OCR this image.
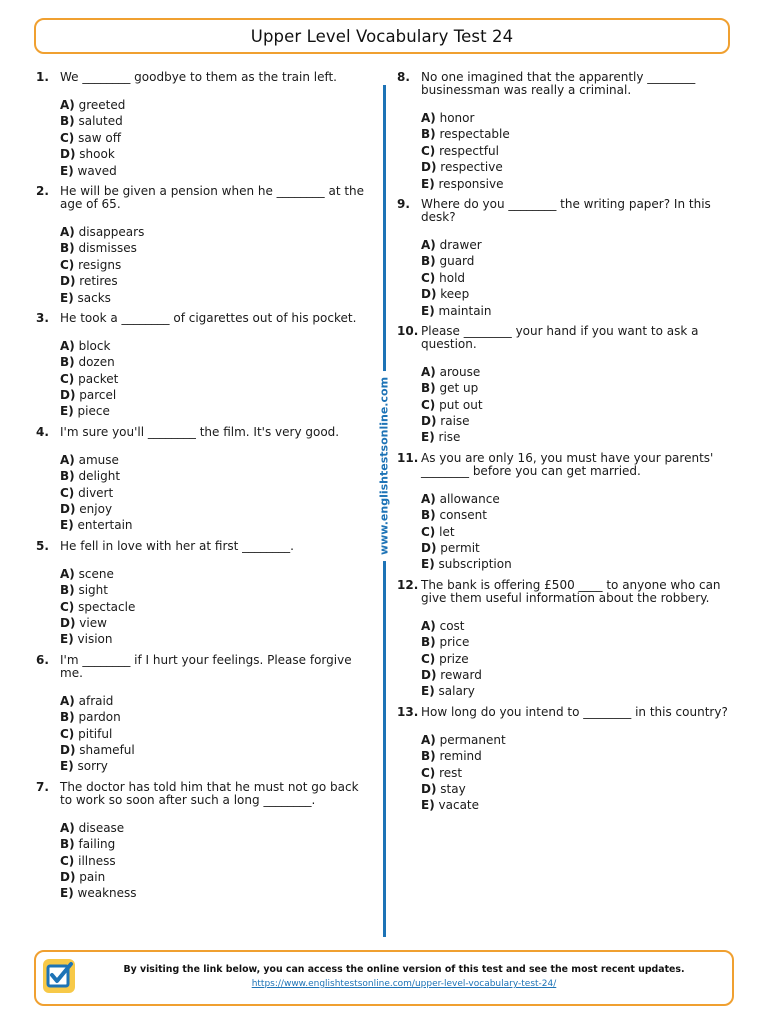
Upper Level Vocabulary Test 24
1. We ________ goodbye to them as the train left.
A) greeted
B) saluted
C) saw off
D) shook
E) waved
2. He will be given a pension when he ________ at the age of 65.
A) disappears
B) dismisses
C) resigns
D) retires
E) sacks
3. He took a ________ of cigarettes out of his pocket.
A) block
B) dozen
C) packet
D) parcel
E) piece
4. I'm sure you'll ________ the film. It's very good.
A) amuse
B) delight
C) divert
D) enjoy
E) entertain
5. He fell in love with her at first ________.
A) scene
B) sight
C) spectacle
D) view
E) vision
6. I'm ________ if I hurt your feelings. Please forgive me.
A) afraid
B) pardon
C) pitiful
D) shameful
E) sorry
7. The doctor has told him that he must not go back to work so soon after such a long ________.
A) disease
B) failing
C) illness
D) pain
E) weakness
8. No one imagined that the apparently ________ businessman was really a criminal.
A) honor
B) respectable
C) respectful
D) respective
E) responsive
9. Where do you ________ the writing paper? In this desk?
A) drawer
B) guard
C) hold
D) keep
E) maintain
10. Please ________ your hand if you want to ask a question.
A) arouse
B) get up
C) put out
D) raise
E) rise
11. As you are only 16, you must have your parents' ________ before you can get married.
A) allowance
B) consent
C) let
D) permit
E) subscription
12. The bank is offering £500 ____ to anyone who can give them useful information about the robbery.
A) cost
B) price
C) prize
D) reward
E) salary
13. How long do you intend to ________ in this country?
A) permanent
B) remind
C) rest
D) stay
E) vacate
www.englishtestsonline.com
By visiting the link below, you can access the online version of this test and see the most recent updates.
https://www.englishtestsonline.com/upper-level-vocabulary-test-24/
